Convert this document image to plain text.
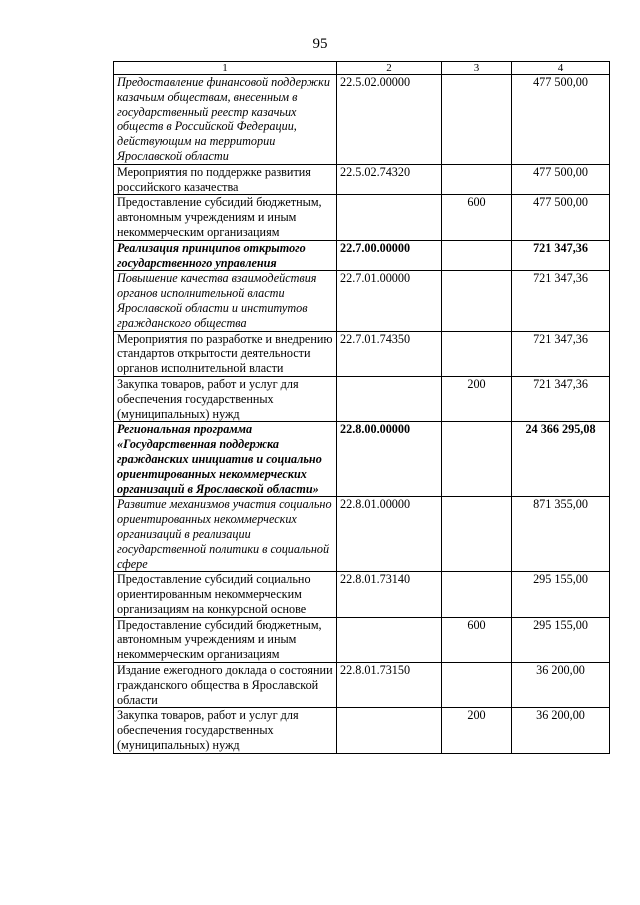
95
1	2	3	4
Предоставление финансовой поддержки казачьим обществам, внесенным в государственный реестр казачьих обществ в Российской Федерации, действующим на территории Ярославской области	22.5.02.00000		477 500,00
Мероприятия по поддержке развития российского казачества	22.5.02.74320		477 500,00
Предоставление субсидий бюджетным, автономным учреждениям и иным некоммерческим организациям		600	477 500,00
Реализация принципов открытого государственного управления	22.7.00.00000		721 347,36
Повышение качества взаимодействия органов исполнительной власти Ярославской области и институтов гражданского общества	22.7.01.00000		721 347,36
Мероприятия по разработке и внедрению стандартов открытости деятельности органов исполнительной власти	22.7.01.74350		721 347,36
Закупка товаров, работ и услуг для обеспечения государственных (муниципальных) нужд		200	721 347,36
Региональная программа «Государственная поддержка гражданских инициатив и социально ориентированных некоммерческих организаций в Ярославской области»	22.8.00.00000		24 366 295,08
Развитие механизмов участия социально ориентированных некоммерческих организаций в реализации государственной политики в социальной сфере	22.8.01.00000		871 355,00
Предоставление субсидий социально ориентированным некоммерческим организациям на конкурсной основе	22.8.01.73140		295 155,00
Предоставление субсидий бюджетным, автономным учреждениям и иным некоммерческим организациям		600	295 155,00
Издание ежегодного доклада о состоянии гражданского общества в Ярославской области	22.8.01.73150		36 200,00
Закупка товаров, работ и услуг для обеспечения государственных (муниципальных) нужд		200	36 200,00
